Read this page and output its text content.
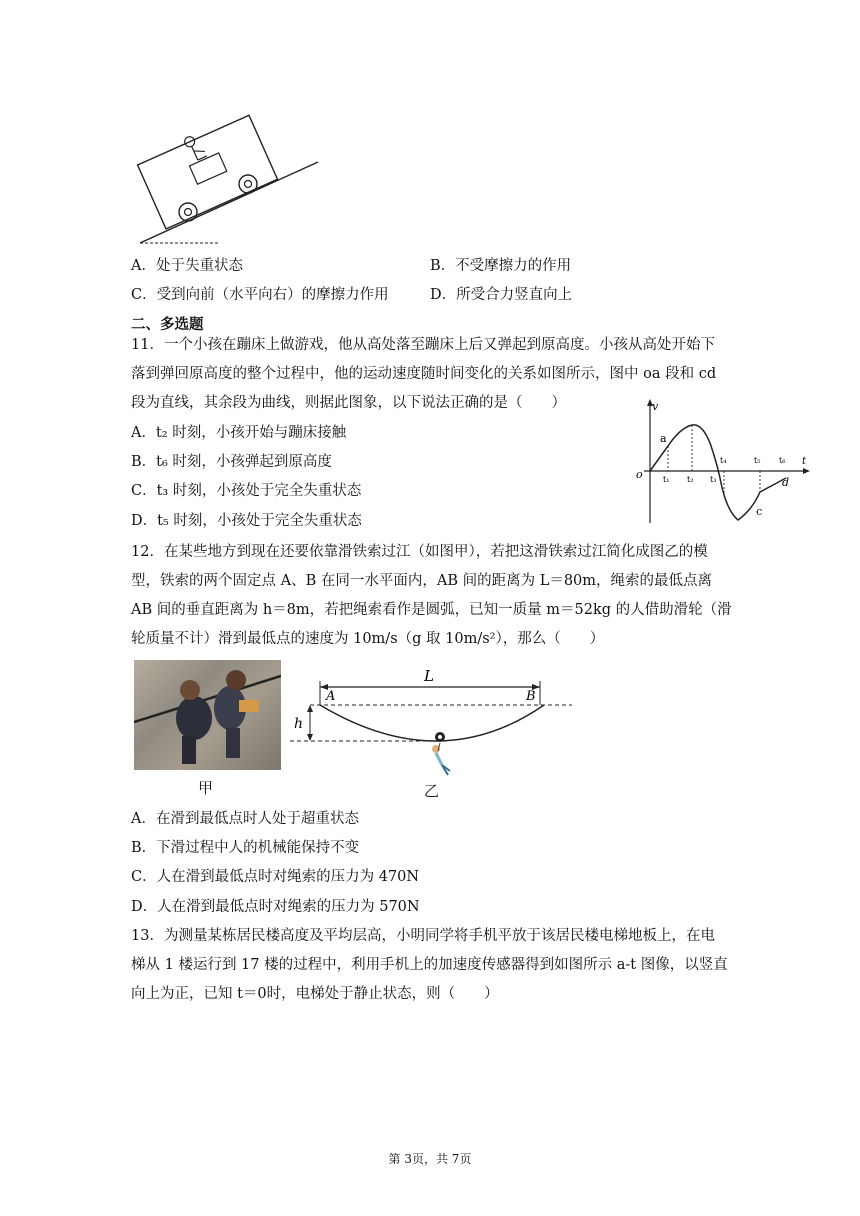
A．处于失重状态	B．不受摩擦力的作用
C．受到向前（水平向右）的摩擦力作用	D．所受合力竖直向上
二、多选题
11．一个小孩在蹦床上做游戏，他从高处落至蹦床上后又弹起到原高度。小孩从高处开始下
落到弹回原高度的整个过程中，他的运动速度随时间变化的关系如图所示，图中 oa 段和 cd
段为直线，其余段为曲线，则据此图象，以下说法正确的是（　　）
A．t₂ 时刻，小孩开始与蹦床接触
B．t₆ 时刻，小孩弹起到原高度
C．t₃ 时刻，小孩处于完全失重状态
D．t₅ 时刻，小孩处于完全失重状态
v
t
o
a
c
d
t₁ t₂ t₃
t₄	t₅ t₆
12．在某些地方到现在还要依靠滑铁索过江（如图甲），若把这滑铁索过江简化成图乙的模
型，铁索的两个固定点 A、B 在同一水平面内，AB 间的距离为 L＝80m，绳索的最低点离
AB 间的垂直距离为 h＝8m，若把绳索看作是圆弧，已知一质量 m＝52kg 的人借助滑轮（滑
轮质量不计）滑到最低点的速度为 10m/s（g 取 10m/s²），那么（　　）
甲
L
A	B
h
乙
A．在滑到最低点时人处于超重状态
B．下滑过程中人的机械能保持不变
C．人在滑到最低点时对绳索的压力为 470N
D．人在滑到最低点时对绳索的压力为 570N
13．为测量某栋居民楼高度及平均层高，小明同学将手机平放于该居民楼电梯地板上，在电
梯从 1 楼运行到 17 楼的过程中，利用手机上的加速度传感器得到如图所示 a-t 图像，以竖直
向上为正，已知 t＝0时，电梯处于静止状态，则（　　）
第 3页，共 7页
